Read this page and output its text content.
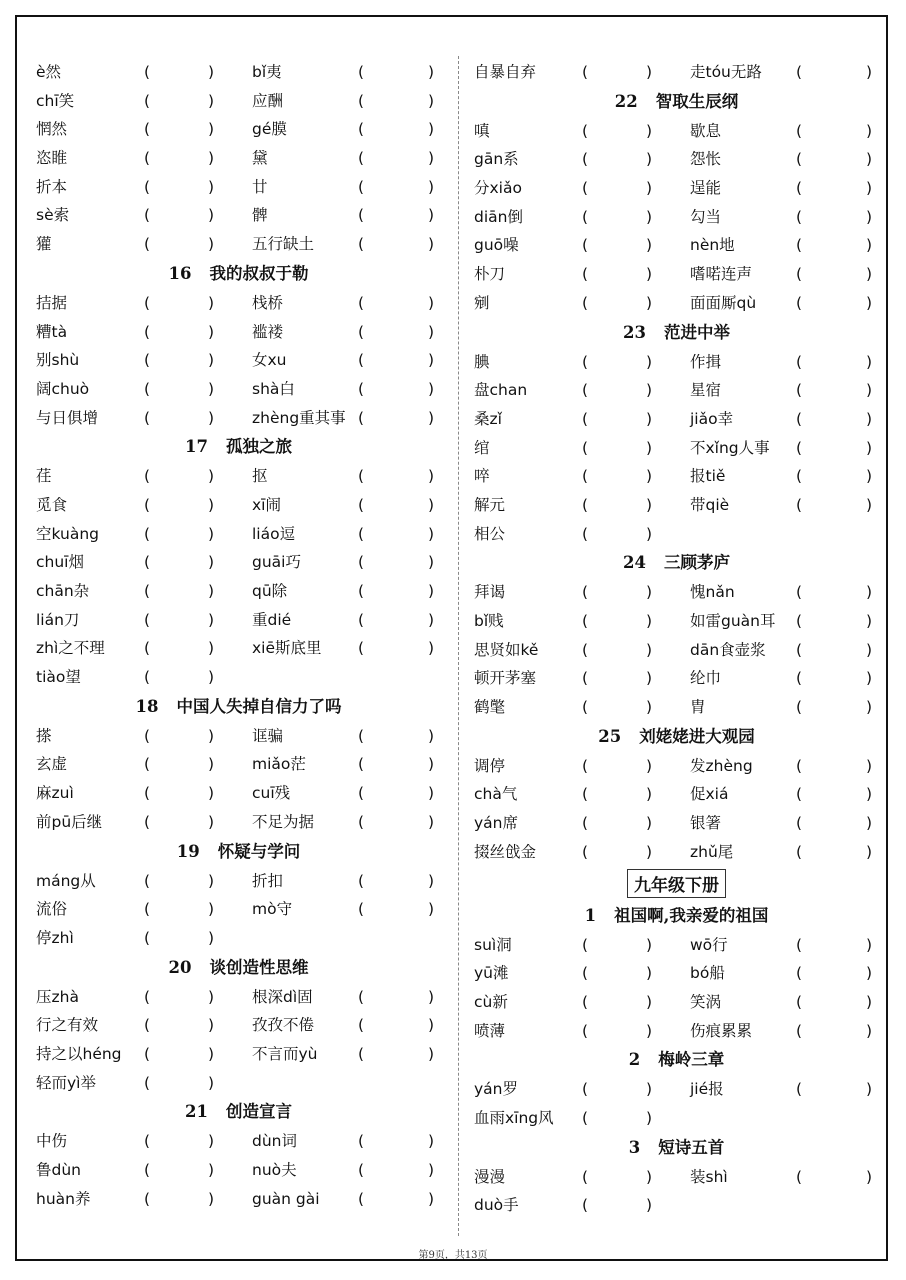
è然	(	) bǐ夷	(	)
chī笑	(	) 应酬	(	)
惘然	(	) gé膜	(	)
恣睢	(	) 黛	(	)
折本	(	) 廿	(	)
sè索	(	) 髀	(	)
獾	(	) 五行缺土	(	)
16 我的叔叔于勒
拮据	(	) 栈桥	(	)
糟tà	(	) 褴褛	(	)
别shù	(	) 女xu	(	)
阔chuò	(	) shà白	(	)
与日俱增	(	) zhèng重其事 (	)
17 孤独之旅
荏	(	) 抠	(	)
觅食	(	) xī闹	(	)
空kuàng	(	) liáo逗	(	)
chuī烟	(	) guāi巧	(	)
chān杂	(	) qū除	(	)
lián刀	(	) 重dié	(	)
zhì之不理	(	) xiē斯底里 (	)
tiào望	(	)
18 中国人失掉自信力了吗
搽	(	) 诓骗	(	)
玄虚	(	) miǎo茫	(	)
麻zuì	(	) cuī残	(	)
前pū后继	(	) 不足为据	(	)
19 怀疑与学问
máng从	(	) 折扣	(	)
流俗	(	) mò守	(	)
停zhì	(	)
20 谈创造性思维
压zhà	(	) 根深dì固	(	)
行之有效	(	) 孜孜不倦	(	)
持之以héng (	) 不言而yù	(	)
轻而yì举	(	)
21 创造宣言
中伤	(	) dùn词	(	)
鲁dùn	(	) nuò夫	(	)
huàn养	(	) guàn gài (	)
自暴自弃	(	) 走tóu无路 (	)
22 智取生辰纲
嗔	(	) 歇息	(	)
gān系	(	) 怨怅	(	)
分xiǎo	(	) 逞能	(	)
diān倒	(	) 勾当	(	)
guō噪	(	) nèn地	(	)
朴刀	(	) 嗜喏连声	(	)
剜	(	) 面面厮qù	(	)
23 范进中举
腆	(	) 作揖	(	)
盘chan	(	) 星宿	(	)
桑zǐ	(	) jiǎo幸	(	)
绾	(	) 不xǐng人事 (	)
啐	(	) 报tiě	(	)
解元	(	) 带qiè	(	)
相公	(	)
24 三顾茅庐
拜谒	(	) 愧nǎn	(	)
bǐ贱	(	) 如雷guàn耳 (	)
思贤如kě	(	) dān食壶浆 (	)
顿开茅塞	(	) 纶巾	(	)
鹤氅	(	) 胄	(	)
25 刘姥姥进大观园
调停	(	) 发zhèng	(	)
chà气	(	) 促xiá	(	)
yán席	(	) 银箸	(	)
掇丝戗金	(	) zhǔ尾	(	)
九年级下册
1 祖国啊,我亲爱的祖国
suì洞	(	) wō行	(	)
yū滩	(	) bó船	(	)
cù新	(	) 笑涡	(	)
喷薄	(	) 伤痕累累	(	)
2 梅岭三章
yán罗	(	) jié报	(	)
血雨xīng风 (	)
3 短诗五首
漫漫	(	) 装shì	(	)
duò手	(	)
第9页，共13页
